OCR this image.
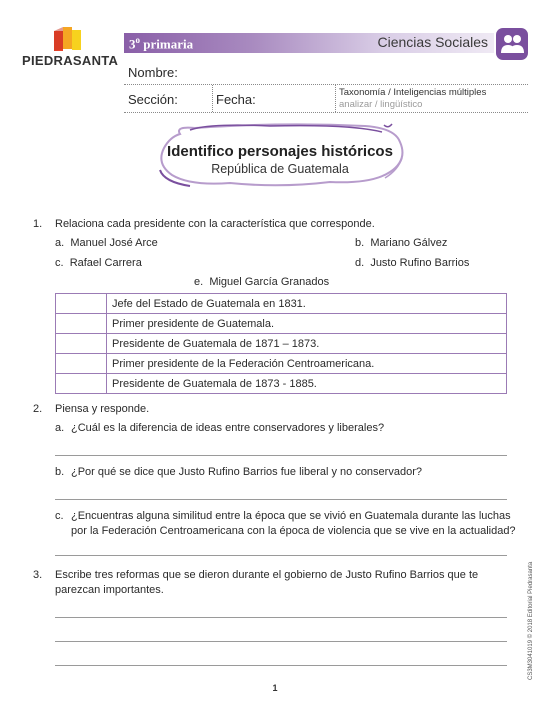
PIEDRASANTA
3$^o$ primaria	Ciencias Sociales
Nombre:
Sección:	Fecha:	Taxonomía / Inteligencias múltiples
analizar / lingüístico
Identifico personajes históricos
República de Guatemala
1. Relaciona cada presidente con la característica que corresponde.
a. Manuel José Arce	b. Mariano Gálvez
c. Rafael Carrera	d. Justo Rufino Barrios
e. Miguel García Granados
	Jefe del Estado de Guatemala en 1831.
	Primer presidente de Guatemala.
	Presidente de Guatemala de 1871 – 1873.
	Primer presidente de la Federación Centroamericana.
	Presidente de Guatemala de 1873 - 1885.
2. Piensa y responde.
a. ¿Cuál es la diferencia de ideas entre conservadores y liberales?
b. ¿Por qué se dice que Justo Rufino Barrios fue liberal y no conservador?
c. ¿Encuentras alguna similitud entre la época que se vivió en Guatemala durante las luchas
por la Federación Centroamericana con la época de violencia que se vive en la actualidad?
3. Escribe tres reformas que se dieron durante el gobierno de Justo Rufino Barrios que te
parezcan importantes.	CS3M3041019 © 2018 Editorial Piedrasanta
1
